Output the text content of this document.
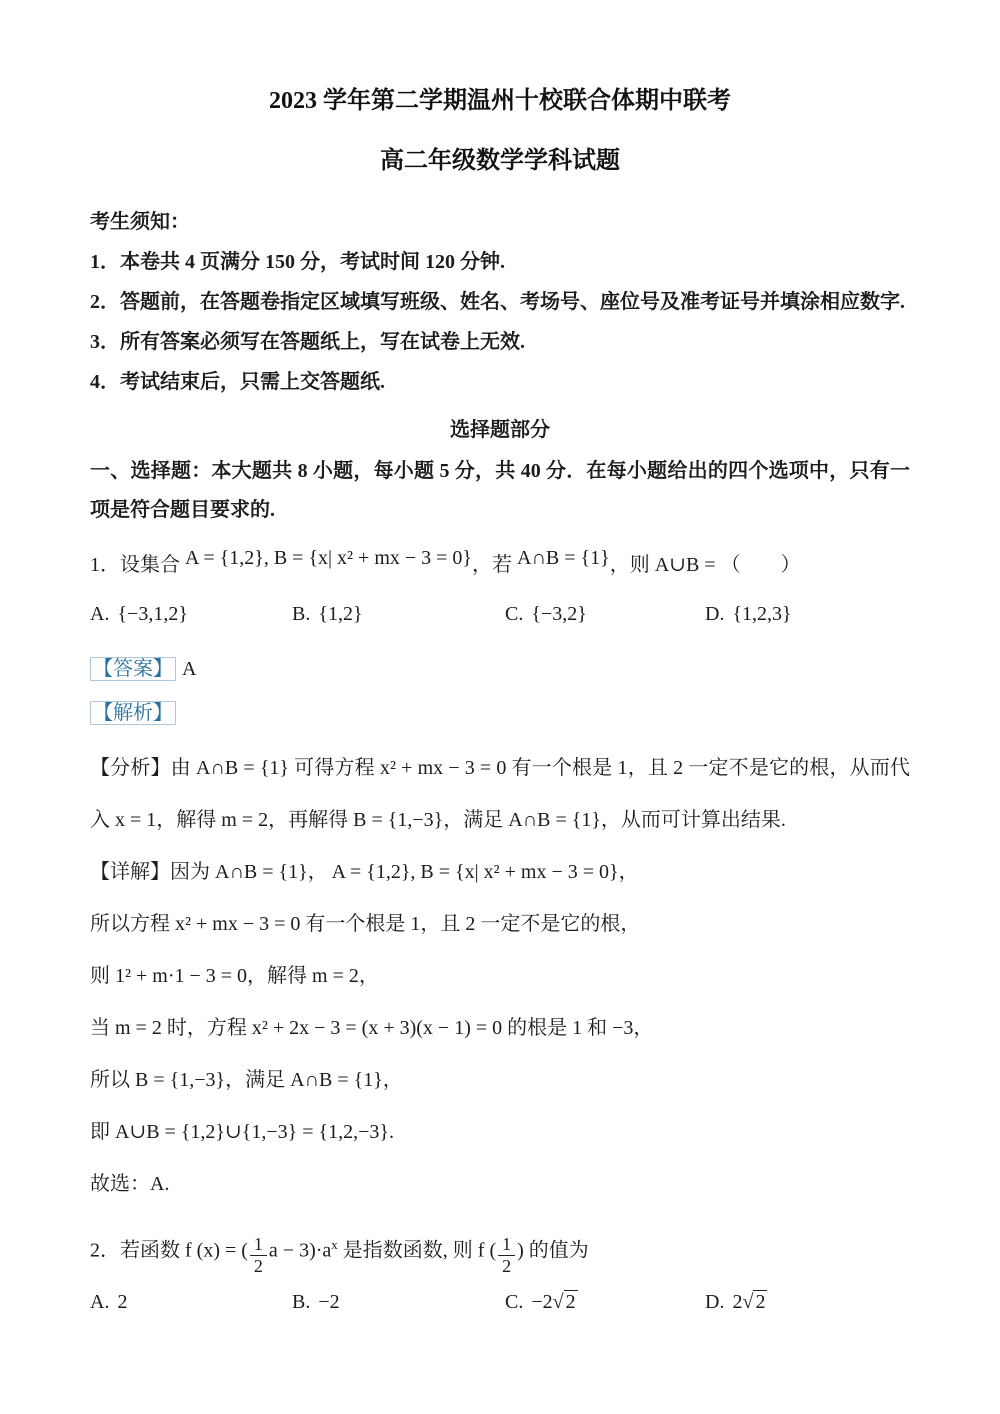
2023 学年第二学期温州十校联合体期中联考

高二年级数学学科试题

考生须知：

1．本卷共 4 页满分 150 分，考试时间 120 分钟.

2．答题前，在答题卷指定区域填写班级、姓名、考场号、座位号及准考证号并填涂相应数字.

3．所有答案必须写在答题纸上，写在试卷上无效.

4．考试结束后，只需上交答题纸.

选择题部分

一、选择题：本大题共 8 小题，每小题 5 分，共 40 分．在每小题给出的四个选项中，只有一项是符合题目要求的.

1．设集合 A = {1,2}, B = {x| x² + mx − 3 = 0}，若 A∩B = {1}，则 A∪B = （　　）

A. {−3,1,2}	B. {1,2}	C. {−3,2}	D. {1,2,3}

【答案】 A

【解析】

【分析】由 A∩B = {1} 可得方程 x² + mx − 3 = 0 有一个根是 1，且 2 一定不是它的根，从而代入 x = 1，解得 m = 2，再解得 B = {1,−3}，满足 A∩B = {1}，从而可计算出结果.

【详解】因为 A∩B = {1}， A = {1,2}, B = {x| x² + mx − 3 = 0}，

所以方程 x² + mx − 3 = 0 有一个根是 1，且 2 一定不是它的根，

则 1² + m·1 − 3 = 0，解得 m = 2，

当 m = 2 时，方程 x² + 2x − 3 = (x + 3)(x − 1) = 0 的根是 1 和 −3，

所以 B = {1,−3}，满足 A∩B = {1}，

即 A∪B = {1,2}∪{1,−3} = {1,2,−3}.

故选：A.

2．若函数 f (x) = ( $\frac{1}{2}$ $a - 3)\cdot a^x$ 是指数函数, 则 f ( $\frac{1}{2}$ ) 的值为

A. 2	B. −2	C. −2√ 2	D. 2√ 2
